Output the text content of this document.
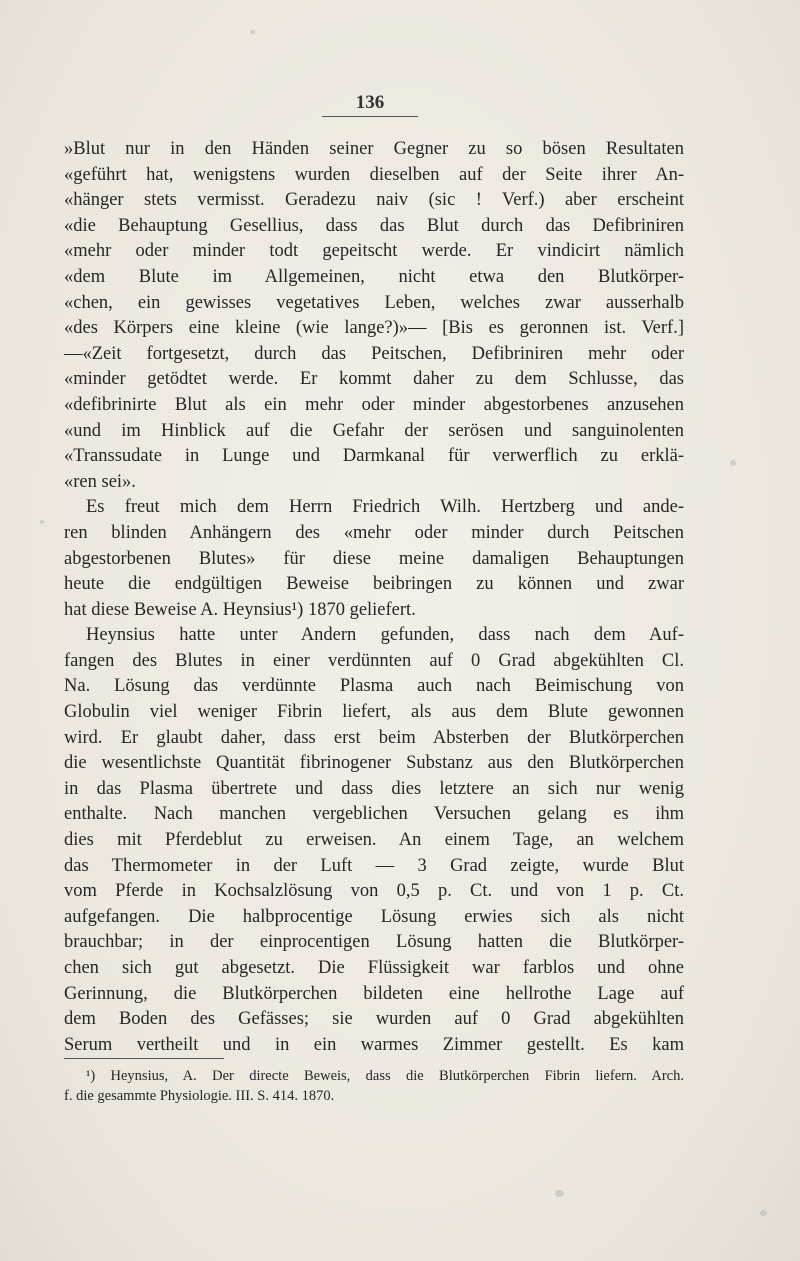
136
»Blut nur in den Händen seiner Gegner zu so bösen Resultaten
«geführt hat, wenigstens wurden dieselben auf der Seite ihrer An-
«hänger stets vermisst. Geradezu naiv (sic ! Verf.) aber erscheint
«die Behauptung Gesellius, dass das Blut durch das Defibriniren
«mehr oder minder todt gepeitscht werde. Er vindicirt nämlich
«dem Blute im Allgemeinen, nicht etwa den Blutkörper-
«chen, ein gewisses vegetatives Leben, welches zwar ausserhalb
«des Körpers eine kleine (wie lange?)»— [Bis es geronnen ist. Verf.]
—«Zeit fortgesetzt, durch das Peitschen, Defibriniren mehr oder
«minder getödtet werde. Er kommt daher zu dem Schlusse, das
«defibrinirte Blut als ein mehr oder minder abgestorbenes anzusehen
«und im Hinblick auf die Gefahr der serösen und sanguinolenten
«Transsudate in Lunge und Darmkanal für verwerflich zu erklä-
«ren sei».
Es freut mich dem Herrn Friedrich Wilh. Hertzberg und ande-
ren blinden Anhängern des «mehr oder minder durch Peitschen
abgestorbenen Blutes» für diese meine damaligen Behauptungen
heute die endgültigen Beweise beibringen zu können und zwar
hat diese Beweise A. Heynsius¹) 1870 geliefert.
Heynsius hatte unter Andern gefunden, dass nach dem Auf-
fangen des Blutes in einer verdünnten auf 0 Grad abgekühlten Cl.
Na. Lösung das verdünnte Plasma auch nach Beimischung von
Globulin viel weniger Fibrin liefert, als aus dem Blute gewonnen
wird. Er glaubt daher, dass erst beim Absterben der Blutkörperchen
die wesentlichste Quantität fibrinogener Substanz aus den Blutkörperchen
in das Plasma übertrete und dass dies letztere an sich nur wenig
enthalte. Nach manchen vergeblichen Versuchen gelang es ihm
dies mit Pferdeblut zu erweisen. An einem Tage, an welchem
das Thermometer in der Luft — 3 Grad zeigte, wurde Blut
vom Pferde in Kochsalzlösung von 0,5 p. Ct. und von 1 p. Ct.
aufgefangen. Die halbprocentige Lösung erwies sich als nicht
brauchbar; in der einprocentigen Lösung hatten die Blutkörper-
chen sich gut abgesetzt. Die Flüssigkeit war farblos und ohne
Gerinnung, die Blutkörperchen bildeten eine hellrothe Lage auf
dem Boden des Gefässes; sie wurden auf 0 Grad abgekühlten
Serum vertheilt und in ein warmes Zimmer gestellt. Es kam
¹) Heynsius, A. Der directe Beweis, dass die Blutkörperchen Fibrin liefern. Arch.
f. die gesammte Physiologie. III. S. 414. 1870.
